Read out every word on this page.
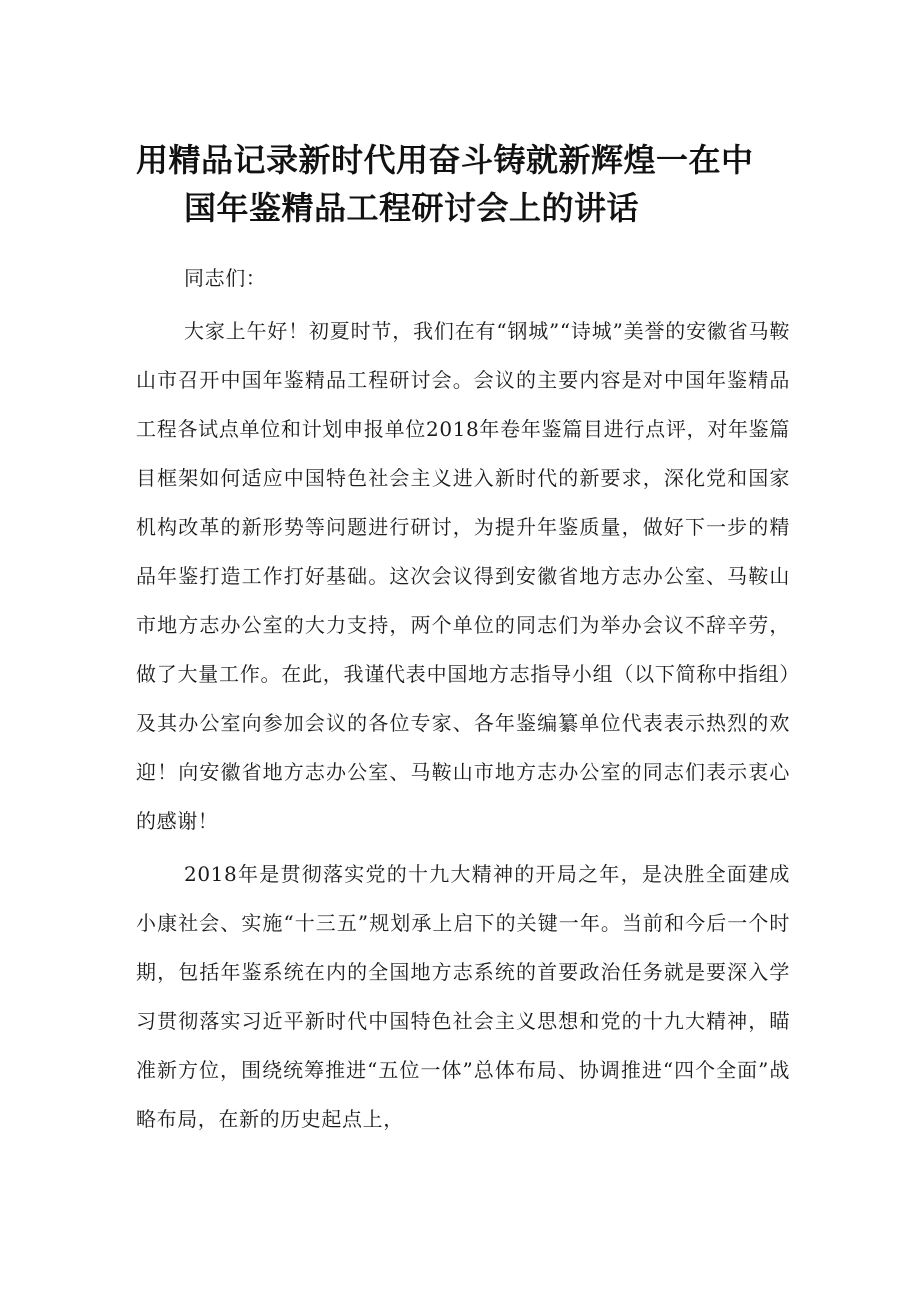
用精品记录新时代用奋斗铸就新辉煌一在中
国年鉴精品工程研讨会上的讲话

同志们：

大家上午好！初夏时节，我们在有“钢城”“诗城”美誉的安徽省马鞍山市召开中国年鉴精品工程研讨会。会议的主要内容是对中国年鉴精品工程各试点单位和计划申报单位2018年卷年鉴篇目进行点评，对年鉴篇目框架如何适应中国特色社会主义进入新时代的新要求，深化党和国家机构改革的新形势等问题进行研讨，为提升年鉴质量，做好下一步的精品年鉴打造工作打好基础。这次会议得到安徽省地方志办公室、马鞍山市地方志办公室的大力支持，两个单位的同志们为举办会议不辞辛劳，做了大量工作。在此，我谨代表中国地方志指导小组（以下简称中指组）及其办公室向参加会议的各位专家、各年鉴编纂单位代表表示热烈的欢迎！向安徽省地方志办公室、马鞍山市地方志办公室的同志们表示衷心的感谢！

2018年是贯彻落实党的十九大精神的开局之年，是决胜全面建成小康社会、实施“十三五”规划承上启下的关键一年。当前和今后一个时期，包括年鉴系统在内的全国地方志系统的首要政治任务就是要深入学习贯彻落实习近平新时代中国特色社会主义思想和党的十九大精神，瞄准新方位，围绕统筹推进“五位一体”总体布局、协调推进“四个全面”战略布局，在新的历史起点上，
